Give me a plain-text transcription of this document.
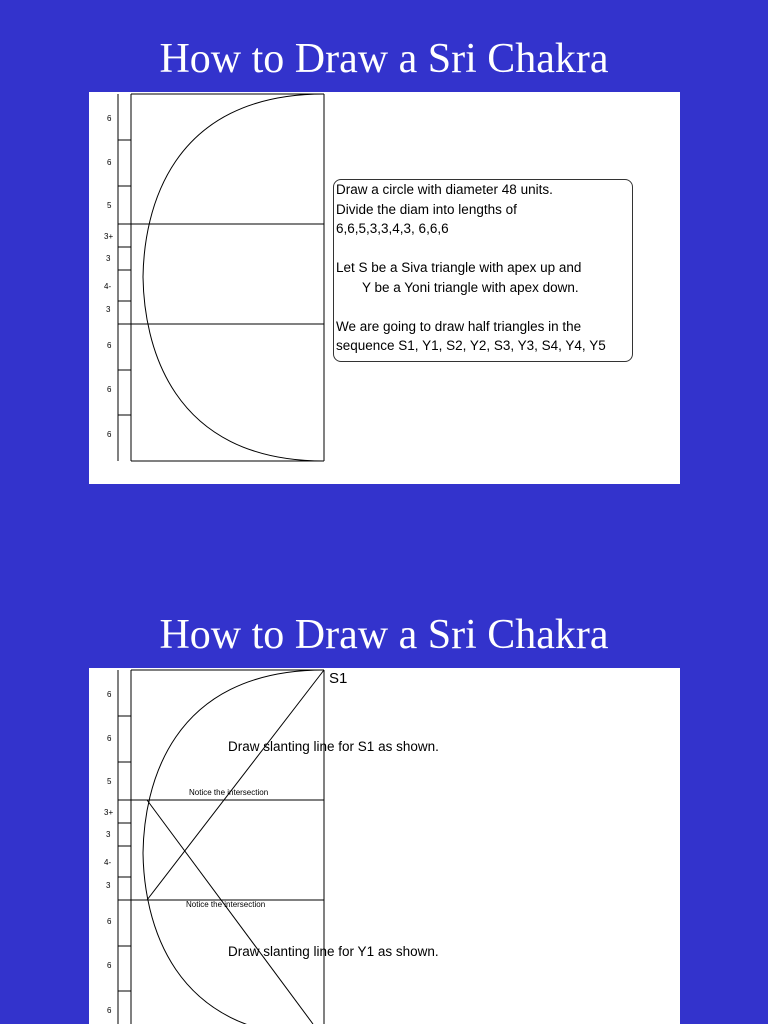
How to Draw a Sri Chakra
6
6
5
3+
3
4-
3
6
6
6
Draw a circle with diameter 48 units.
Divide the diam into lengths of
6,6,5,3,3,4,3, 6,6,6
Let S be a Siva triangle with apex up and
Y be a Yoni triangle with apex down.
We are going to draw half triangles in the
sequence S1, Y1, S2, Y2, S3, Y3, S4, Y4, Y5
How to Draw a Sri Chakra
6
6
5
3+
3
4-
3
6
6
6
S1
Draw slanting line for S1 as shown.
Notice the intersection
Notice the intersection
Draw slanting line for Y1 as shown.
